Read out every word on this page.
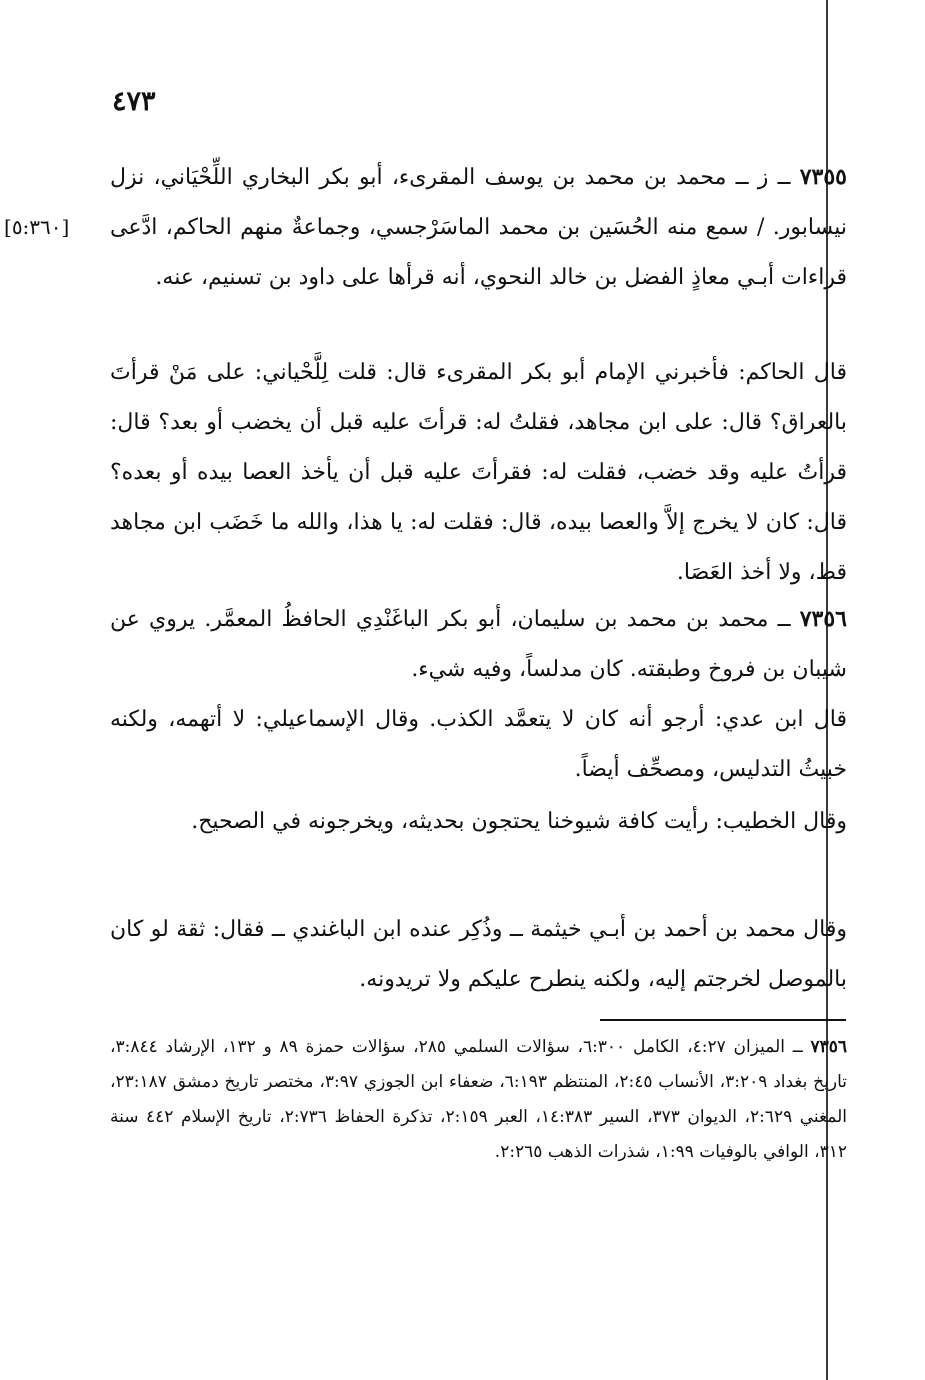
٤٧٣
[٥:٣٦٠]

٧٣٥٥ ــ ز ــ محمد بن محمد بن يوسف المقرىء، أبو بكر البخاري اللِّحْيَاني، نزل نيسابور. / سمع منه الحُسَين بن محمد الماسَرْجسي، وجماعةٌ منهم الحاكم، ادَّعى قراءات أبـي معاذٍ الفضل بن خالد النحوي، أنه قرأها على داود بن تسنيم، عنه.

قال الحاكم: فأخبرني الإمام أبو بكر المقرىء قال: قلت لِلَّحْياني: على مَنْ قرأتَ بالعراق؟ قال: على ابن مجاهد، فقلتُ له: قرأتَ عليه قبل أن يخضب أو بعد؟ قال: قرأتُ عليه وقد خضب، فقلت له: فقرأتَ عليه قبل أن يأخذ العصا بيده أو بعده؟ قال: كان لا يخرج إلاَّ والعصا بيده، قال: فقلت له: يا هذا، والله ما خَضَب ابن مجاهد قط، ولا أخذ العَصَا.

٧٣٥٦ ــ محمد بن محمد بن سليمان، أبو بكر الباغَنْدِي الحافظُ المعمَّر. يروي عن شيبان بن فروخ وطبقته. كان مدلساً، وفيه شيء.

قال ابن عدي: أرجو أنه كان لا يتعمَّد الكذب. وقال الإسماعيلي: لا أتهمه، ولكنه خبيثُ التدليس، ومصحِّف أيضاً.

وقال الخطيب: رأيت كافة شيوخنا يحتجون بحديثه، ويخرجونه في الصحيح.

وقال محمد بن أحمد بن أبـي خيثمة ــ وذُكِر عنده ابن الباغندي ــ فقال: ثقة لو كان بالموصل لخرجتم إليه، ولكنه ينطرح عليكم ولا تريدونه.

٧٣٥٦ ــ الميزان ٤:٢٧، الكامل ٦:٣٠٠، سؤالات السلمي ٢٨٥، سؤالات حمزة ٨٩ و ١٣٢، الإرشاد ٣:٨٤٤، تاريخ بغداد ٣:٢٠٩، الأنساب ٢:٤٥، المنتظم ٦:١٩٣، ضعفاء ابن الجوزي ٣:٩٧، مختصر تاريخ دمشق ٢٣:١٨٧، المغني ٢:٦٢٩، الديوان ٣٧٣، السير ١٤:٣٨٣، العبر ٢:١٥٩، تذكرة الحفاظ ٢:٧٣٦، تاريخ الإسلام ٤٤٢ سنة ٣١٢، الوافي بالوفيات ١:٩٩، شذرات الذهب ٢:٢٦٥.
